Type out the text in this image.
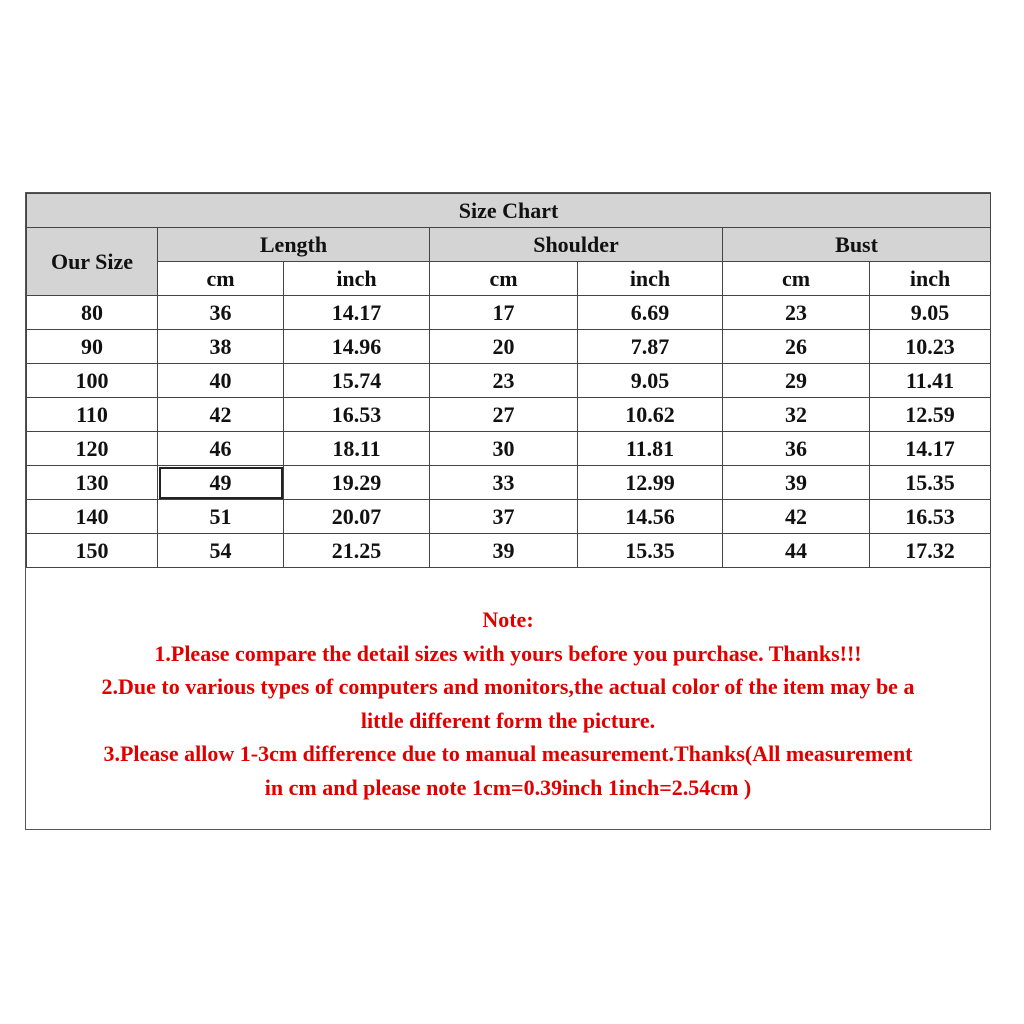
Size Chart						
Our Size	Length		Shoulder		Bust	
	cm	inch	cm	inch	cm	inch
80	36	14.17	17	6.69	23	9.05
90	38	14.96	20	7.87	26	10.23
100	40	15.74	23	9.05	29	11.41
110	42	16.53	27	10.62	32	12.59
120	46	18.11	30	11.81	36	14.17
130	49	19.29	33	12.99	39	15.35
140	51	20.07	37	14.56	42	16.53
150	54	21.25	39	15.35	44	17.32
Note:
1.Please compare the detail sizes with yours before you purchase. Thanks!!!
2.Due to various types of computers and monitors,the actual color of the item may be a
little different form the picture.
3.Please allow 1-3cm difference due to manual measurement.Thanks(All measurement
in cm and please note 1cm=0.39inch 1inch=2.54cm )
